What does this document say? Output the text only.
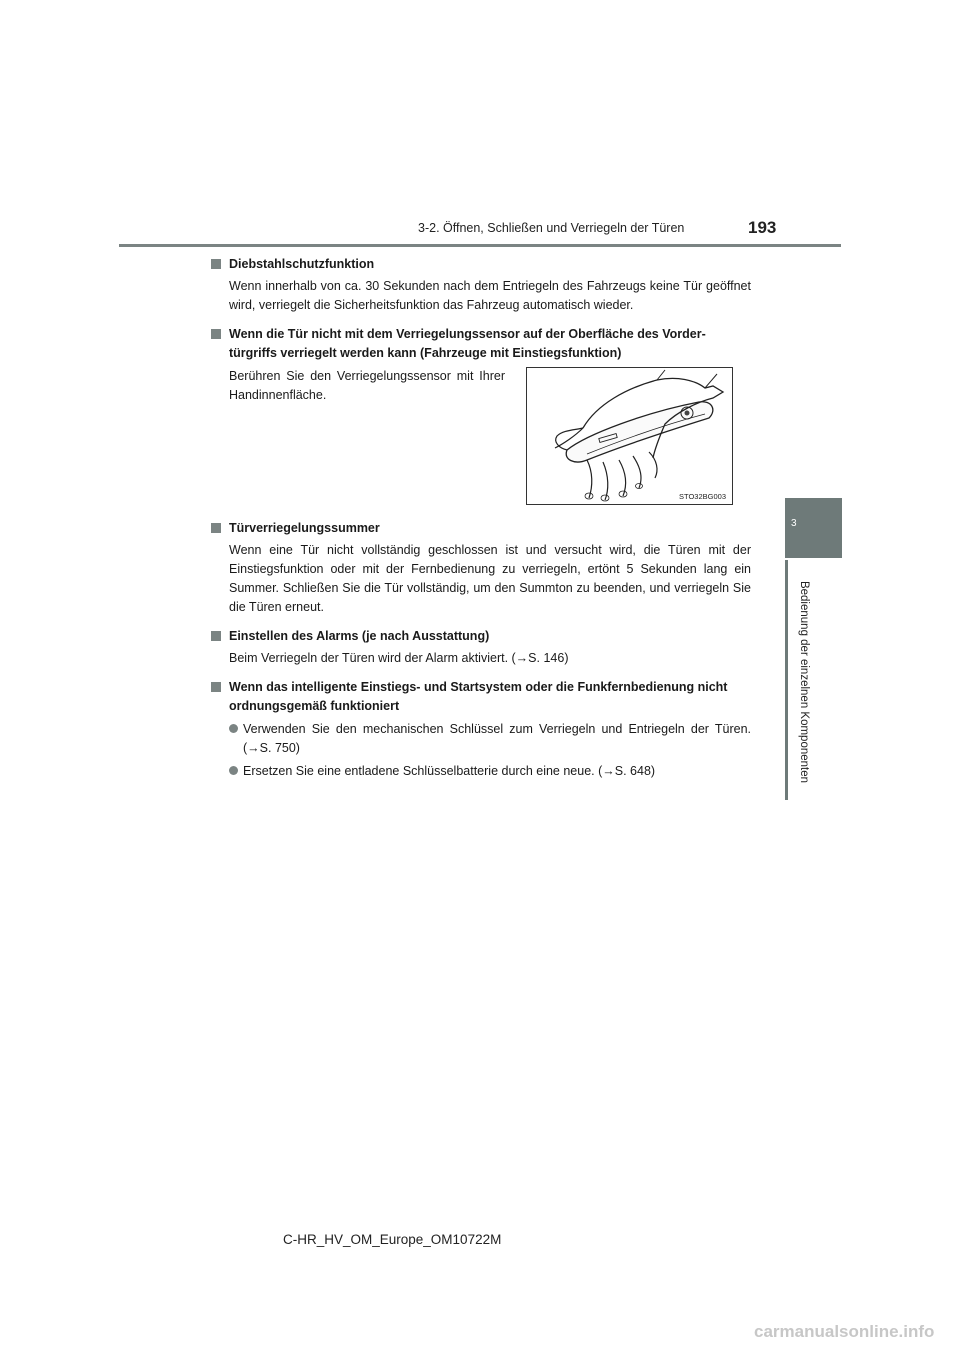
3-2. Öffnen, Schließen und Verriegeln der Türen	193
3
Bedienung der einzelnen Komponenten
Diebstahlschutzfunktion
Wenn innerhalb von ca. 30 Sekunden nach dem Entriegeln des Fahrzeugs keine Tür geöffnet wird, verriegelt die Sicherheitsfunktion das Fahrzeug automatisch wieder.
Wenn die Tür nicht mit dem Verriegelungssensor auf der Oberfläche des Vorder-türgriffs verriegelt werden kann (Fahrzeuge mit Einstiegsfunktion)
Berühren Sie den Verriegelungssensor mit Ihrer Handinnenfläche.
STO32BG003
Türverriegelungssummer
Wenn eine Tür nicht vollständig geschlossen ist und versucht wird, die Türen mit der Einstiegsfunktion oder mit der Fernbedienung zu verriegeln, ertönt 5 Sekunden lang ein Summer. Schließen Sie die Tür vollständig, um den Summton zu beenden, und verriegeln Sie die Türen erneut.
Einstellen des Alarms (je nach Ausstattung)
Beim Verriegeln der Türen wird der Alarm aktiviert. (→S. 146)
Wenn das intelligente Einstiegs- und Startsystem oder die Funkfernbedienung nicht ordnungsgemäß funktioniert
Verwenden Sie den mechanischen Schlüssel zum Verriegeln und Entriegeln der Türen. (→S. 750)
Ersetzen Sie eine entladene Schlüsselbatterie durch eine neue. (→S. 648)
C-HR_HV_OM_Europe_OM10722M
carmanualsonline.info
